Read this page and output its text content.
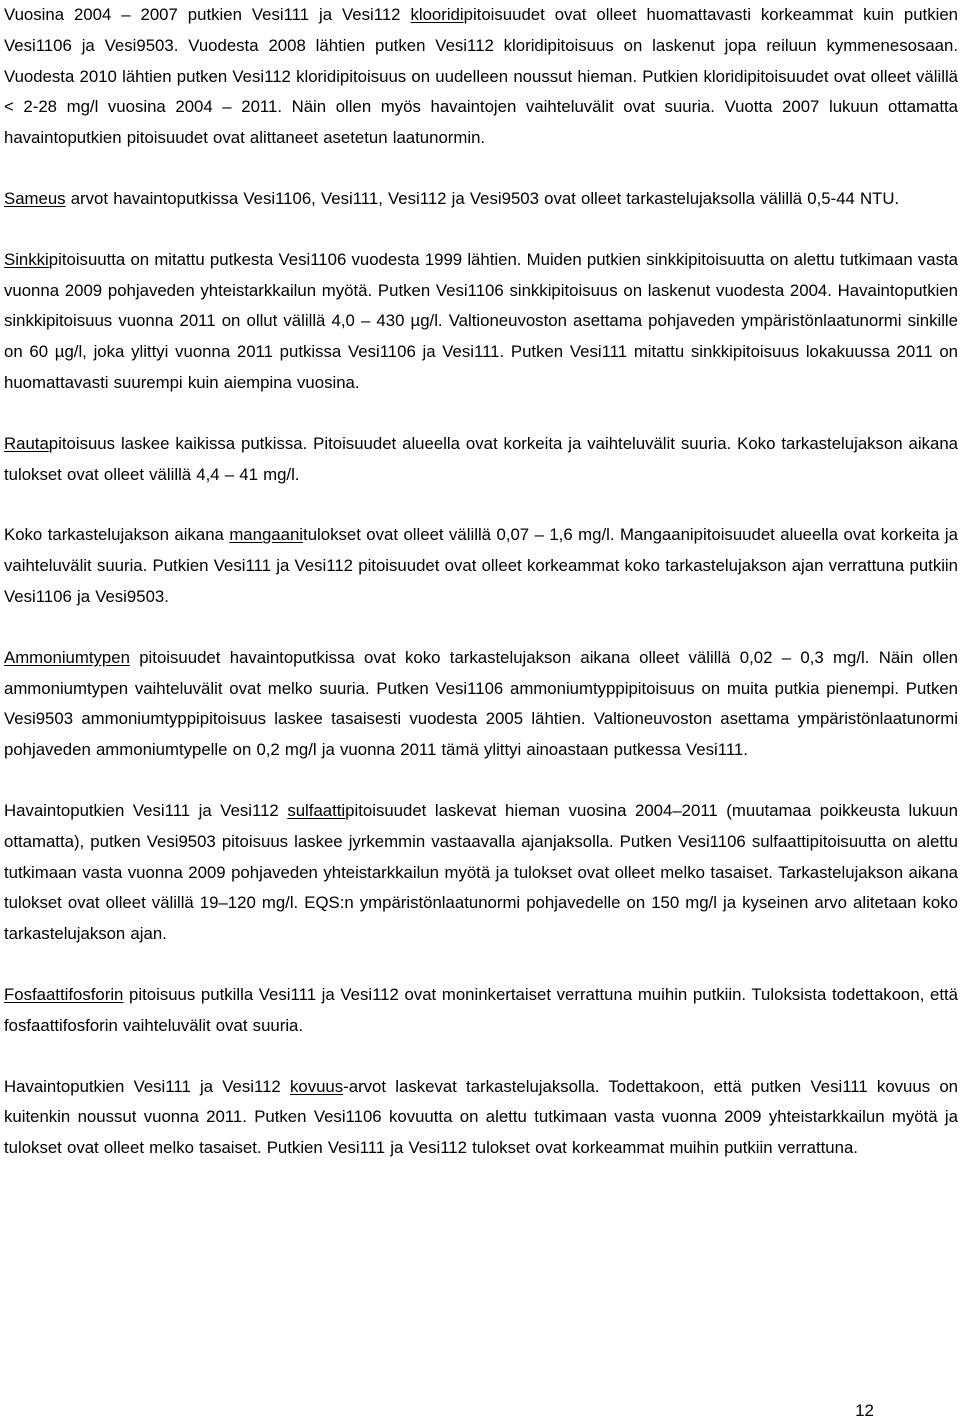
Vuosina 2004 – 2007 putkien Vesi111 ja Vesi112 klooridipitoisuudet ovat olleet huomattavasti korkeammat kuin putkien Vesi1106 ja Vesi9503. Vuodesta 2008 lähtien putken Vesi112 kloridipitoisuus on laskenut jopa reiluun kymmenesosaan. Vuodesta 2010 lähtien putken Vesi112 kloridipitoisuus on uudelleen noussut hieman. Putkien kloridipitoisuudet ovat olleet välillä < 2-28 mg/l vuosina 2004 – 2011. Näin ollen myös havaintojen vaihteluvälit ovat suuria. Vuotta 2007 lukuun ottamatta havaintoputkien pitoisuudet ovat alittaneet asetetun laatunormin.

Sameus arvot havaintoputkissa Vesi1106, Vesi111, Vesi112 ja Vesi9503 ovat olleet tarkastelujaksolla välillä 0,5-44 NTU.

Sinkkipitoisuutta on mitattu putkesta Vesi1106 vuodesta 1999 lähtien. Muiden putkien sinkkipitoisuutta on alettu tutkimaan vasta vuonna 2009 pohjaveden yhteistarkkailun myötä. Putken Vesi1106 sinkkipitoisuus on laskenut vuodesta 2004. Havaintoputkien sinkkipitoisuus vuonna 2011 on ollut välillä 4,0 – 430 µg/l. Valtioneuvoston asettama pohjaveden ympäristönlaatunormi sinkille on 60 µg/l, joka ylittyi vuonna 2011 putkissa Vesi1106 ja Vesi111. Putken Vesi111 mitattu sinkkipitoisuus lokakuussa 2011 on huomattavasti suurempi kuin aiempina vuosina.

Rautapitoisuus laskee kaikissa putkissa. Pitoisuudet alueella ovat korkeita ja vaihteluvälit suuria. Koko tarkastelujakson aikana tulokset ovat olleet välillä 4,4 – 41 mg/l.

Koko tarkastelujakson aikana mangaanitulokset ovat olleet välillä 0,07 – 1,6 mg/l. Mangaanipitoisuudet alueella ovat korkeita ja vaihteluvälit suuria. Putkien Vesi111 ja Vesi112 pitoisuudet ovat olleet korkeammat koko tarkastelujakson ajan verrattuna putkiin Vesi1106 ja Vesi9503.

Ammoniumtypen pitoisuudet havaintoputkissa ovat koko tarkastelujakson aikana olleet välillä 0,02 – 0,3 mg/l. Näin ollen ammoniumtypen vaihteluvälit ovat melko suuria. Putken Vesi1106 ammoniumtyppipitoisuus on muita putkia pienempi. Putken Vesi9503 ammoniumtyppipitoisuus laskee tasaisesti vuodesta 2005 lähtien. Valtioneuvoston asettama ympäristönlaatunormi pohjaveden ammoniumtypelle on 0,2 mg/l ja vuonna 2011 tämä ylittyi ainoastaan putkessa Vesi111.

Havaintoputkien Vesi111 ja Vesi112 sulfaattipitoisuudet laskevat hieman vuosina 2004–2011 (muutamaa poikkeusta lukuun ottamatta), putken Vesi9503 pitoisuus laskee jyrkemmin vastaavalla ajanjaksolla. Putken Vesi1106 sulfaattipitoisuutta on alettu tutkimaan vasta vuonna 2009 pohjaveden yhteistarkkailun myötä ja tulokset ovat olleet melko tasaiset. Tarkastelujakson aikana tulokset ovat olleet välillä 19–120 mg/l. EQS:n ympäristönlaatunormi pohjavedelle on 150 mg/l ja kyseinen arvo alitetaan koko tarkastelujakson ajan.

Fosfaattifosforin pitoisuus putkilla Vesi111 ja Vesi112 ovat moninkertaiset verrattuna muihin putkiin. Tuloksista todettakoon, että fosfaattifosforin vaihteluvälit ovat suuria.

Havaintoputkien Vesi111 ja Vesi112 kovuus-arvot laskevat tarkastelujaksolla. Todettakoon, että putken Vesi111 kovuus on kuitenkin noussut vuonna 2011. Putken Vesi1106 kovuutta on alettu tutkimaan vasta vuonna 2009 yhteistarkkailun myötä ja tulokset ovat olleet melko tasaiset. Putkien Vesi111 ja Vesi112 tulokset ovat korkeammat muihin putkiin verrattuna.

12
